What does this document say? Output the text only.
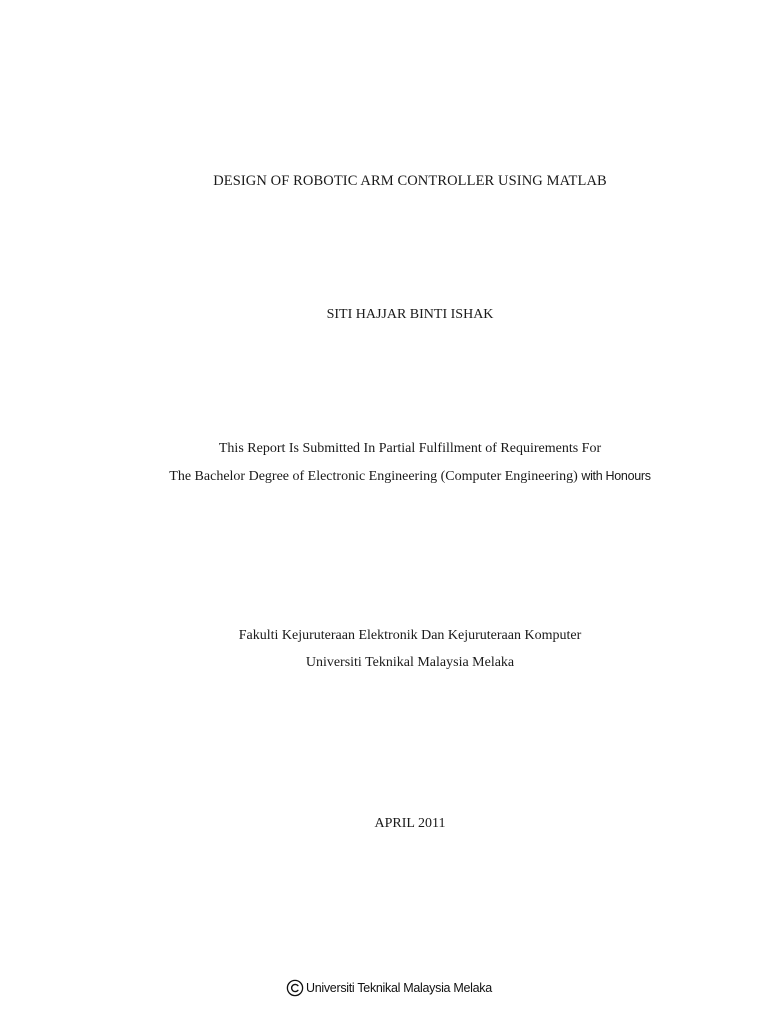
DESIGN OF ROBOTIC ARM CONTROLLER USING MATLAB
SITI HAJJAR BINTI ISHAK
This Report Is Submitted In Partial Fulfillment of Requirements For
The Bachelor Degree of Electronic Engineering (Computer Engineering) with Honours
Fakulti Kejuruteraan Elektronik Dan Kejuruteraan Komputer
Universiti Teknikal Malaysia Melaka
APRIL 2011
Universiti Teknikal Malaysia Melaka
